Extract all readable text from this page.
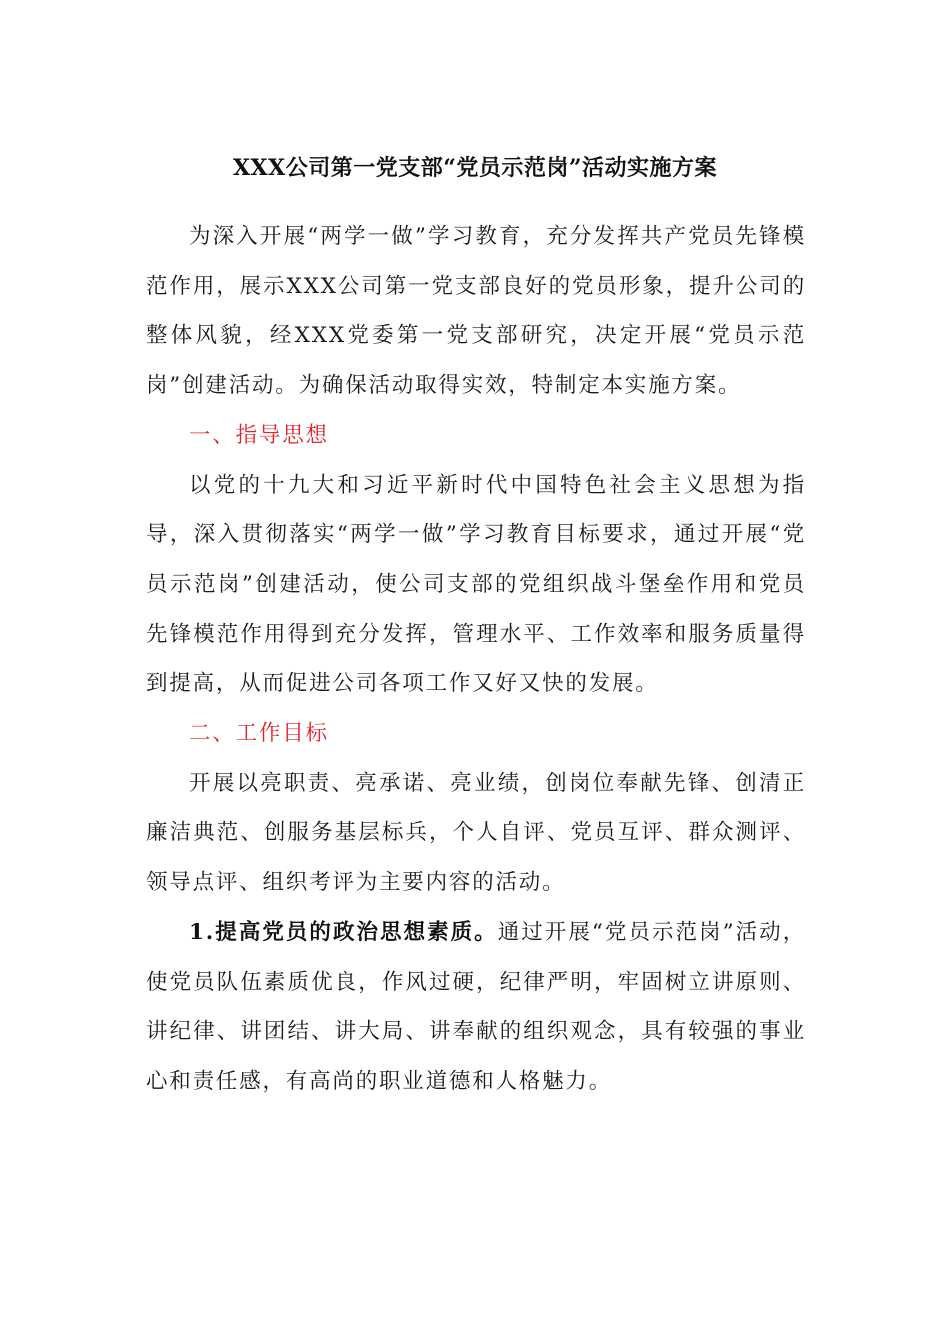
XXX公司第一党支部“党员示范岗”活动实施方案

为深入开展“两学一做”学习教育，充分发挥共产党员先锋模范作用，展示XXX公司第一党支部良好的党员形象，提升公司的整体风貌，经XXX党委第一党支部研究，决定开展“党员示范岗”创建活动。为确保活动取得实效，特制定本实施方案。

一、指导思想

以党的十九大和习近平新时代中国特色社会主义思想为指导，深入贯彻落实“两学一做”学习教育目标要求，通过开展“党员示范岗”创建活动，使公司支部的党组织战斗堡垒作用和党员先锋模范作用得到充分发挥，管理水平、工作效率和服务质量得到提高，从而促进公司各项工作又好又快的发展。

二、工作目标

开展以亮职责、亮承诺、亮业绩，创岗位奉献先锋、创清正廉洁典范、创服务基层标兵，个人自评、党员互评、群众测评、领导点评、组织考评为主要内容的活动。

1.提高党员的政治思想素质。通过开展“党员示范岗”活动，使党员队伍素质优良，作风过硬，纪律严明，牢固树立讲原则、讲纪律、讲团结、讲大局、讲奉献的组织观念，具有较强的事业心和责任感，有高尚的职业道德和人格魅力。
